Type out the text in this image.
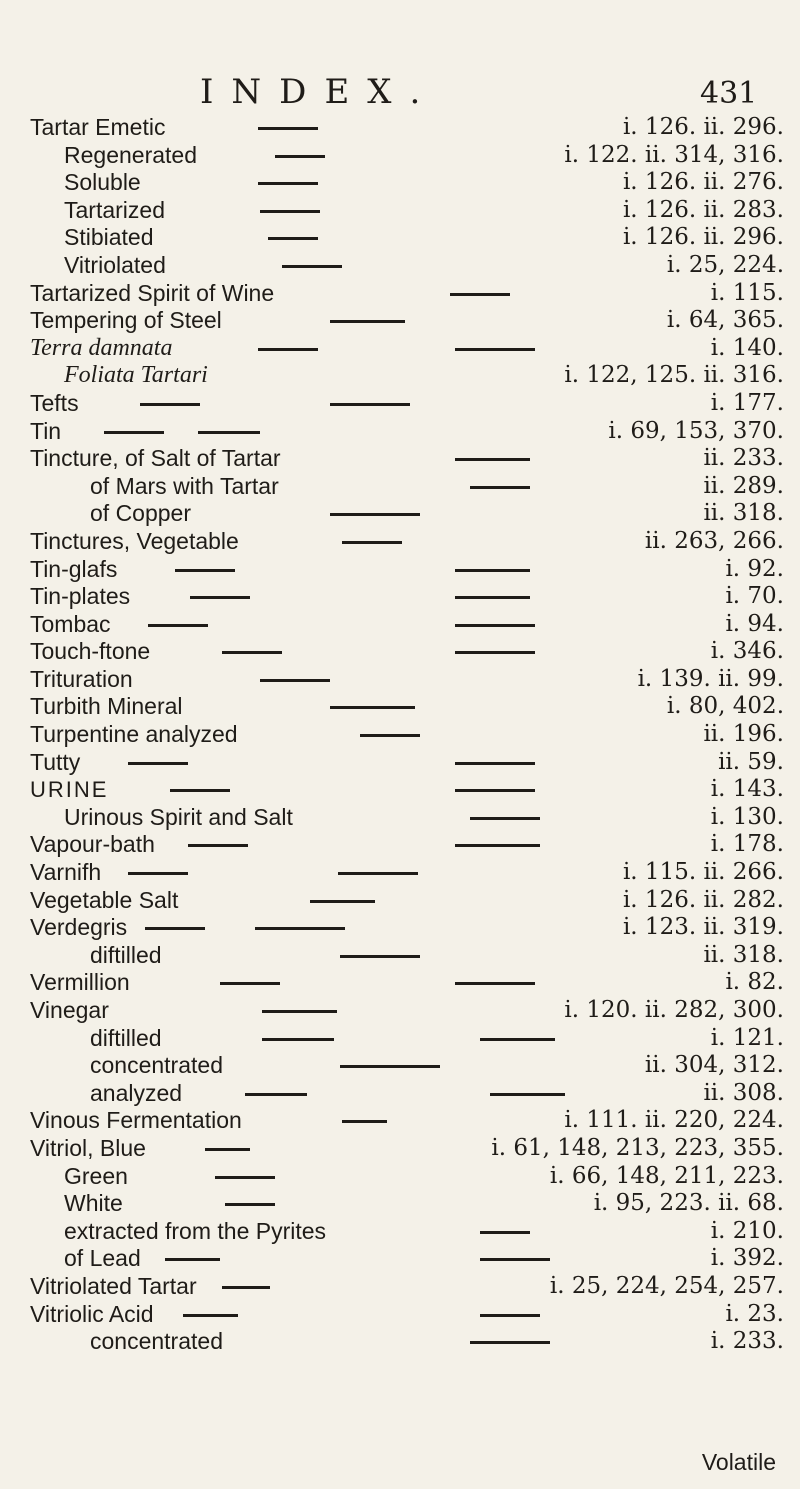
INDEX.	431
Tartar Emetic	i. 126. ii. 296.
Regenerated	i. 122. ii. 314, 316.
Soluble	i. 126. ii. 276.
Tartarized	i. 126. ii. 283.
Stibiated	i. 126. ii. 296.
Vitriolated	i. 25, 224.
Tartarized Spirit of Wine	i. 115.
Tempering of Steel	i. 64, 365.
Terra damnata	i. 140.
Foliata Tartari	i. 122, 125. ii. 316.
Tefts	i. 177.
Tin	i. 69, 153, 370.
Tincture, of Salt of Tartar	ii. 233.
of Mars with Tartar	ii. 289.
of Copper	ii. 318.
Tinctures, Vegetable	ii. 263, 266.
Tin-glafs	i. 92.
Tin-plates	i. 70.
Tombac	i. 94.
Touch-ftone	i. 346.
Trituration	i. 139. ii. 99.
Turbith Mineral	i. 80, 402.
Turpentine analyzed	ii. 196.
Tutty	ii. 59.
URINE	i. 143.
Urinous Spirit and Salt	i. 130.
Vapour-bath	i. 178.
Varnifh	i. 115. ii. 266.
Vegetable Salt	i. 126. ii. 282.
Verdegris	i. 123. ii. 319.
diftilled	ii. 318.
Vermillion	i. 82.
Vinegar	i. 120. ii. 282, 300.
diftilled	i. 121.
concentrated	ii. 304, 312.
analyzed	ii. 308.
Vinous Fermentation	i. 111. ii. 220, 224.
Vitriol, Blue	i. 61, 148, 213, 223, 355.
Green	i. 66, 148, 211, 223.
White	i. 95, 223. ii. 68.
extracted from the Pyrites	i. 210.
of Lead	i. 392.
Vitriolated Tartar	i. 25, 224, 254, 257.
Vitriolic Acid	i. 23.
concentrated	i. 233.
Volatile
